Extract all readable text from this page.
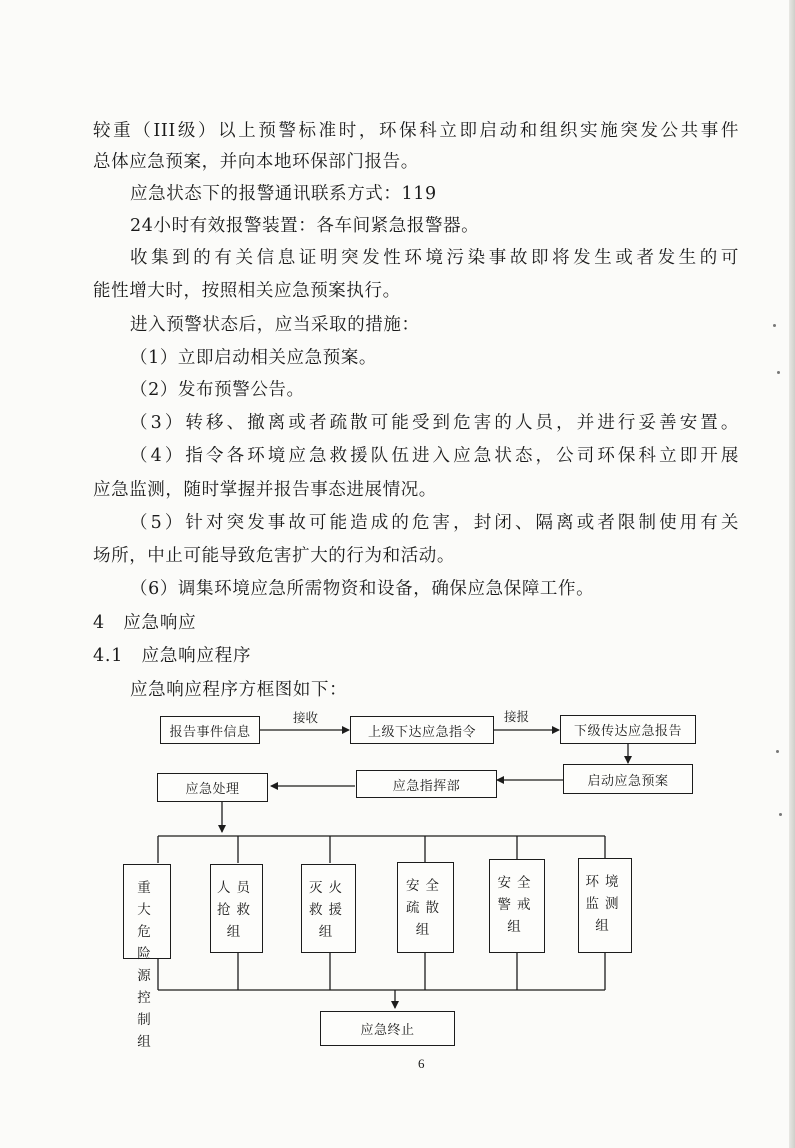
较重（III级）以上预警标准时，环保科立即启动和组织实施突发公共事件
总体应急预案，并向本地环保部门报告。
应急状态下的报警通讯联系方式：119
24小时有效报警装置：各车间紧急报警器。
收集到的有关信息证明突发性环境污染事故即将发生或者发生的可
能性增大时，按照相关应急预案执行。
进入预警状态后，应当采取的措施：
（1）立即启动相关应急预案。
（2）发布预警公告。
（3）转移、撤离或者疏散可能受到危害的人员，并进行妥善安置。
（4）指令各环境应急救援队伍进入应急状态，公司环保科立即开展
应急监测，随时掌握并报告事态进展情况。
（5）针对突发事故可能造成的危害，封闭、隔离或者限制使用有关
场所，中止可能导致危害扩大的行为和活动。
（6）调集环境应急所需物资和设备，确保应急保障工作。
4　应急响应
4.1　应急响应程序
应急响应程序方框图如下：
报告事件信息
接收
上级下达应急指令
接报
下级传达应急报告
启动应急预案
应急指挥部
应急处理
重大危险源控制组
人员抢救组
灭火救援组
安全疏散组
安全警戒组
环境监测组
应急终止
6
